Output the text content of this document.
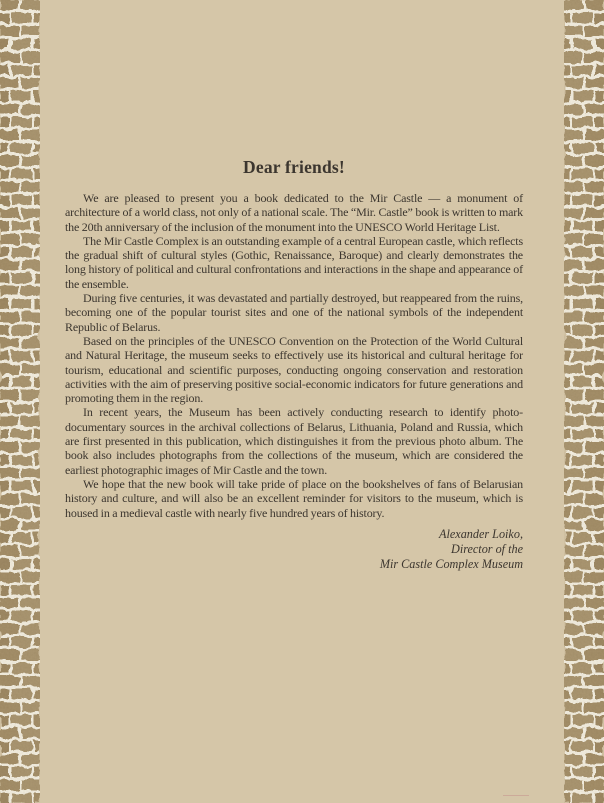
Dear friends!

We are pleased to present you a book dedicated to the Mir Castle — a monument of architecture of a world class, not only of a national scale. The “Mir. Castle” book is written to mark the 20th anniversary of the inclusion of the monument into the UNESCO World Heritage List.

The Mir Castle Complex is an outstanding example of a central European castle, which reflects the gradual shift of cultural styles (Gothic, Renaissance, Baroque) and clearly demonstrates the long history of political and cultural confrontations and interactions in the shape and appearance of the ensemble.

During five centuries, it was devastated and partially destroyed, but reappeared from the ruins, becoming one of the popular tourist sites and one of the national symbols of the independent Republic of Belarus.

Based on the principles of the UNESCO Convention on the Protection of the World Cultural and Natural Heritage, the museum seeks to effectively use its historical and cultural heritage for tourism, educational and scientific purposes, conducting ongoing conservation and restoration activities with the aim of preserving positive social-economic indicators for future generations and promoting them in the region.

In recent years, the Museum has been actively conducting research to identify photo-documentary sources in the archival collections of Belarus, Lithuania, Poland and Russia, which are first presented in this publication, which distinguishes it from the previous photo album. The book also includes photographs from the collections of the museum, which are considered the earliest photographic images of Mir Castle and the town.

We hope that the new book will take pride of place on the bookshelves of fans of Belarusian history and culture, and will also be an excellent reminder for visitors to the museum, which is housed in a medieval castle with nearly five hundred years of history.

Alexander Loiko,
Director of the
Mir Castle Complex Museum
